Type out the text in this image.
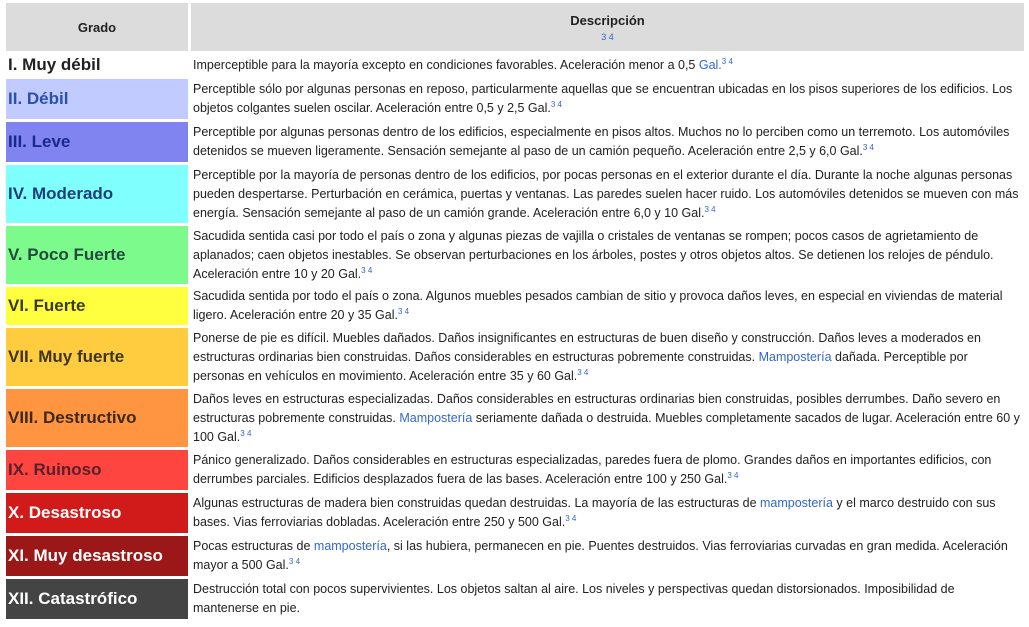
Grado	Descripción
3 4

I. Muy débil	Imperceptible para la mayoría excepto en condiciones favorables. Aceleración menor a 0,5 Gal.$^{3 4}$
II. Débil	Perceptible sólo por algunas personas en reposo, particularmente aquellas que se encuentran ubicadas en los pisos superiores de los edificios. Los objetos colgantes suelen oscilar. Aceleración entre 0,5 y 2,5 Gal.$^{3 4}$
III. Leve	Perceptible por algunas personas dentro de los edificios, especialmente en pisos altos. Muchos no lo perciben como un terremoto. Los automóviles detenidos se mueven ligeramente. Sensación semejante al paso de un camión pequeño. Aceleración entre 2,5 y 6,0 Gal.$^{3 4}$
IV. Moderado	Perceptible por la mayoría de personas dentro de los edificios, por pocas personas en el exterior durante el día. Durante la noche algunas personas pueden despertarse. Perturbación en cerámica, puertas y ventanas. Las paredes suelen hacer ruido. Los automóviles detenidos se mueven con más energía. Sensación semejante al paso de un camión grande. Aceleración entre 6,0 y 10 Gal.$^{3 4}$
V. Poco Fuerte	Sacudida sentida casi por todo el país o zona y algunas piezas de vajilla o cristales de ventanas se rompen; pocos casos de agrietamiento de aplanados; caen objetos inestables. Se observan perturbaciones en los árboles, postes y otros objetos altos. Se detienen los relojes de péndulo. Aceleración entre 10 y 20 Gal.$^{3 4}$
VI. Fuerte	Sacudida sentida por todo el país o zona. Algunos muebles pesados cambian de sitio y provoca daños leves, en especial en viviendas de material ligero. Aceleración entre 20 y 35 Gal.$^{3 4}$
VII. Muy fuerte	Ponerse de pie es difícil. Muebles dañados. Daños insignificantes en estructuras de buen diseño y construcción. Daños leves a moderados en estructuras ordinarias bien construidas. Daños considerables en estructuras pobremente construidas. Mampostería dañada. Perceptible por personas en vehículos en movimiento. Aceleración entre 35 y 60 Gal.$^{3 4}$
VIII. Destructivo	Daños leves en estructuras especializadas. Daños considerables en estructuras ordinarias bien construidas, posibles derrumbes. Daño severo en estructuras pobremente construidas. Mampostería seriamente dañada o destruida. Muebles completamente sacados de lugar. Aceleración entre 60 y 100 Gal.$^{3 4}$
IX. Ruinoso	Pánico generalizado. Daños considerables en estructuras especializadas, paredes fuera de plomo. Grandes daños en importantes edificios, con derrumbes parciales. Edificios desplazados fuera de las bases. Aceleración entre 100 y 250 Gal.$^{3 4}$
X. Desastroso	Algunas estructuras de madera bien construidas quedan destruidas. La mayoría de las estructuras de mampostería y el marco destruido con sus bases. Vias ferroviarias dobladas. Aceleración entre 250 y 500 Gal.$^{3 4}$
XI. Muy desastroso	Pocas estructuras de mampostería, si las hubiera, permanecen en pie. Puentes destruidos. Vias ferroviarias curvadas en gran medida. Aceleración mayor a 500 Gal.$^{3 4}$
XII. Catastrófico	Destrucción total con pocos supervivientes. Los objetos saltan al aire. Los niveles y perspectivas quedan distorsionados. Imposibilidad de mantenerse en pie.
